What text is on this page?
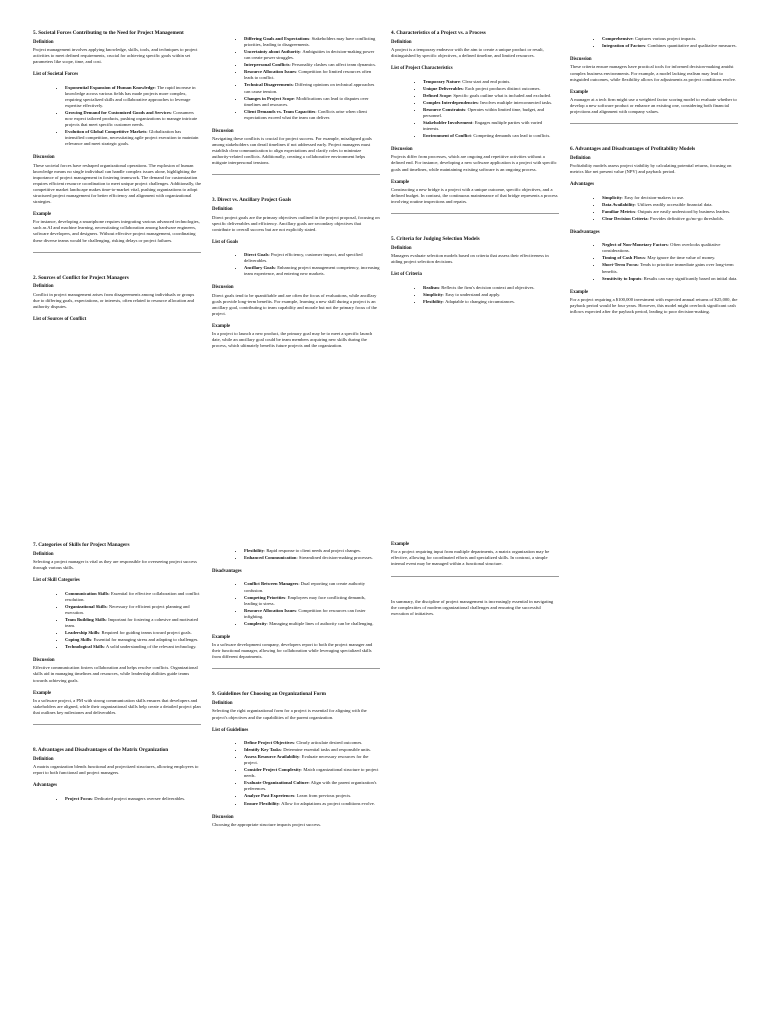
5. Societal Forces Contributing to the Need for Project Management
Definition

Project management involves applying knowledge, skills, tools, and techniques to project activities to meet defined requirements, crucial for achieving specific goals within set parameters like scope, time, and cost.

List of Societal Forces
• Exponential Expansion of Human Knowledge: The rapid increase in knowledge across various fields has made projects more complex, requiring specialized skills and collaborative approaches to leverage expertise effectively.
• Growing Demand for Customized Goods and Services: Consumers now expect tailored products, pushing organizations to manage intricate projects that meet specific customer needs.
• Evolution of Global Competitive Markets: Globalization has intensified competition, necessitating agile project execution to maintain relevance and meet strategic goals.
Discussion

These societal forces have reshaped organizational operations. The explosion of human knowledge means no single individual can handle complex issues alone, highlighting the importance of project management in fostering teamwork. The demand for customization requires efficient resource coordination to meet unique project challenges. Additionally, the competitive market landscape makes time-to-market vital, pushing organizations to adopt structured project management for better efficiency and alignment with organizational strategies.

Example

For instance, developing a smartphone requires integrating various advanced technologies, such as AI and machine learning, necessitating collaboration among hardware engineers, software developers, and designers. Without effective project management, coordinating these diverse teams would be challenging, risking delays or project failures.

2. Sources of Conflict for Project Managers
Definition

Conflict in project management arises from disagreements among individuals or groups due to differing goals, expectations, or interests, often related to resource allocation and authority disputes.

List of Sources of Conflict
• Differing Goals and Expectations: Stakeholders may have conflicting priorities, leading to disagreements.
• Uncertainty about Authority: Ambiguities in decision-making power can create power struggles.
• Interpersonal Conflicts: Personality clashes can affect team dynamics.
• Resource Allocation Issues: Competition for limited resources often leads to conflict.
• Technical Disagreements: Differing opinions on technical approaches can cause tension.
• Changes in Project Scope: Modifications can lead to disputes over timelines and resources.
• Client Demands vs. Team Capacities: Conflicts arise when client expectations exceed what the team can deliver.
Discussion

Navigating these conflicts is crucial for project success. For example, misaligned goals among stakeholders can derail timelines if not addressed early. Project managers must establish clear communication to align expectations and clarify roles to minimize authority-related conflicts. Additionally, creating a collaborative environment helps mitigate interpersonal tensions.

3. Direct vs. Ancillary Project Goals
Definition

Direct project goals are the primary objectives outlined in the project proposal, focusing on specific deliverables and efficiency. Ancillary goals are secondary objectives that contribute to overall success but are not explicitly stated.

List of Goals
• Direct Goals: Project efficiency, customer impact, and specified deliverables.
• Ancillary Goals: Enhancing project management competency, increasing team experience, and entering new markets.
Discussion

Direct goals tend to be quantifiable and are often the focus of evaluations, while ancillary goals provide long-term benefits. For example, learning a new skill during a project is an ancillary goal, contributing to team capability and morale but not the primary focus of the project.

Example

In a project to launch a new product, the primary goal may be to meet a specific launch date, while an ancillary goal could be team members acquiring new skills during the process, which ultimately benefits future projects and the organization.

4. Characteristics of a Project vs. a Process
Definition

A project is a temporary endeavor with the aim to create a unique product or result, distinguished by specific objectives, a defined timeline, and limited resources.

List of Project Characteristics
• Temporary Nature: Clear start and end points.
• Unique Deliverables: Each project produces distinct outcomes.
• Defined Scope: Specific goals outline what is included and excluded.
• Complex Interdependencies: Involves multiple interconnected tasks.
• Resource Constraints: Operates within limited time, budget, and personnel.
• Stakeholder Involvement: Engages multiple parties with varied interests.
• Environment of Conflict: Competing demands can lead to conflicts.
Discussion

Projects differ from processes, which are ongoing and repetitive activities without a defined end. For instance, developing a new software application is a project with specific goals and timelines, while maintaining existing software is an ongoing process.

Example

Constructing a new bridge is a project with a unique outcome, specific objectives, and a defined budget. In contrast, the continuous maintenance of that bridge represents a process involving routine inspections and repairs.

5. Criteria for Judging Selection Models
Definition

Managers evaluate selection models based on criteria that assess their effectiveness in aiding project selection decisions.

List of Criteria
• Realism: Reflects the firm's decision context and objectives.
• Simplicity: Easy to understand and apply.
• Flexibility: Adaptable to changing circumstances.
• Comprehensive: Captures various project impacts.
• Integration of Factors: Combines quantitative and qualitative measures.
Discussion

These criteria ensure managers have practical tools for informed decision-making amidst complex business environments. For example, a model lacking realism may lead to misguided outcomes, while flexibility allows for adjustments as project conditions evolve.

Example

A manager at a tech firm might use a weighted factor scoring model to evaluate whether to develop a new software product or enhance an existing one, considering both financial projections and alignment with company values.

6. Advantages and Disadvantages of Profitability Models
Definition

Profitability models assess project viability by calculating potential returns, focusing on metrics like net present value (NPV) and payback period.

Advantages
• Simplicity: Easy for decision-makers to use.
• Data Availability: Utilizes readily accessible financial data.
• Familiar Metrics: Outputs are easily understood by business leaders.
• Clear Decision Criteria: Provides definitive go/no-go thresholds.
Disadvantages
• Neglect of Non-Monetary Factors: Often overlooks qualitative considerations.
• Timing of Cash Flows: May ignore the time value of money.
• Short-Term Focus: Tends to prioritize immediate gains over long-term benefits.
• Sensitivity to Inputs: Results can vary significantly based on initial data.
Example

For a project requiring a $100,000 investment with expected annual returns of $25,000, the payback period would be four years. However, this model might overlook significant cash inflows expected after the payback period, leading to poor decision-making.

7. Categories of Skills for Project Managers
Definition

Selecting a project manager is vital as they are responsible for overseeing project success through various skills.

List of Skill Categories
• Communication Skills: Essential for effective collaboration and conflict resolution.
• Organizational Skills: Necessary for efficient project planning and execution.
• Team Building Skills: Important for fostering a cohesive and motivated team.
• Leadership Skills: Required for guiding teams toward project goals.
• Coping Skills: Essential for managing stress and adapting to challenges.
• Technological Skills: A solid understanding of the relevant technology.
Discussion

Effective communication fosters collaboration and helps resolve conflicts. Organizational skills aid in managing timelines and resources, while leadership abilities guide teams towards achieving goals.

Example

In a software project, a PM with strong communication skills ensures that developers and stakeholders are aligned, while their organizational skills help create a detailed project plan that outlines key milestones and deliverables.

8. Advantages and Disadvantages of the Matrix Organization
Definition

A matrix organization blends functional and projectized structures, allowing employees to report to both functional and project managers.

Advantages
• Project Focus: Dedicated project managers oversee deliverables.
• Flexibility: Rapid response to client needs and project changes.
• Enhanced Communication: Streamlined decision-making processes.
Disadvantages
• Conflict Between Managers: Dual reporting can create authority confusion.
• Competing Priorities: Employees may face conflicting demands, leading to stress.
• Resource Allocation Issues: Competition for resources can foster infighting.
• Complexity: Managing multiple lines of authority can be challenging.
Example

In a software development company, developers report to both the project manager and their functional manager, allowing for collaboration while leveraging specialized skills from different departments.

9. Guidelines for Choosing an Organizational Form
Definition

Selecting the right organizational form for a project is essential for aligning with the project's objectives and the capabilities of the parent organization.

List of Guidelines
• Define Project Objectives: Clearly articulate desired outcomes.
• Identify Key Tasks: Determine essential tasks and responsible units.
• Assess Resource Availability: Evaluate necessary resources for the project.
• Consider Project Complexity: Match organizational structure to project needs.
• Evaluate Organizational Culture: Align with the parent organization's preferences.
• Analyze Past Experiences: Learn from previous projects.
• Ensure Flexibility: Allow for adaptations as project conditions evolve.
Discussion

Choosing the appropriate structure impacts project success.

Example

For a project requiring input from multiple departments, a matrix organization may be effective, allowing for coordinated efforts and specialized skills. In contrast, a simple internal event may be managed within a functional structure.

In summary, the discipline of project management is increasingly essential in navigating the complexities of modern organizational challenges and ensuring the successful execution of initiatives.
